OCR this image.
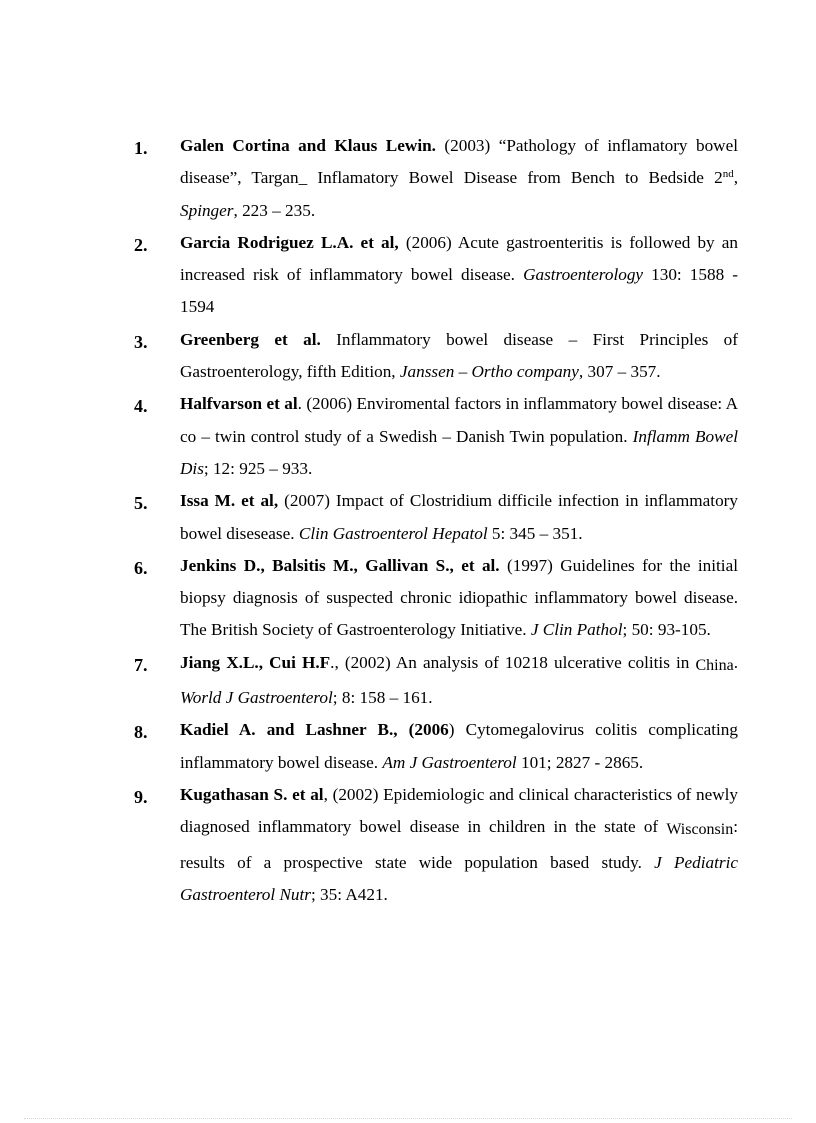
1. Galen Cortina and Klaus Lewin. (2003) “Pathology of inflamatory bowel disease”, Targan_ Inflamatory Bowel Disease from Bench to Bedside 2nd, Spinger, 223 – 235.
2. Garcia Rodriguez L.A. et al, (2006) Acute gastroenteritis is followed by an increased risk of inflammatory bowel disease. Gastroenterology 130: 1588 - 1594
3. Greenberg et al. Inflammatory bowel disease – First Principles of Gastroenterology, fifth Edition, Janssen – Ortho company, 307 – 357.
4. Halfvarson et al. (2006) Enviromental factors in inflammatory bowel disease: A co – twin control study of a Swedish – Danish Twin population. Inflamm Bowel Dis; 12: 925 – 933.
5. Issa M. et al, (2007) Impact of Clostridium difficile infection in inflammatory bowel disesease. Clin Gastroenterol Hepatol 5: 345 – 351.
6. Jenkins D., Balsitis M., Gallivan S., et al. (1997) Guidelines for the initial biopsy diagnosis of suspected chronic idiopathic inflammatory bowel disease. The British Society of Gastroenterology Initiative. J Clin Pathol; 50: 93-105.
7. Jiang X.L., Cui H.F., (2002) An analysis of 10218 ulcerative colitis in China. World J Gastroenterol; 8: 158 – 161.
8. Kadiel A. and Lashner B., (2006) Cytomegalovirus colitis complicating inflammatory bowel disease. Am J Gastroenterol 101; 2827 - 2865.
9. Kugathasan S. et al, (2002) Epidemiologic and clinical characteristics of newly diagnosed inflammatory bowel disease in children in the state of Wisconsin: results of a prospective state wide population based study. J Pediatric Gastroenterol Nutr; 35: A421.
